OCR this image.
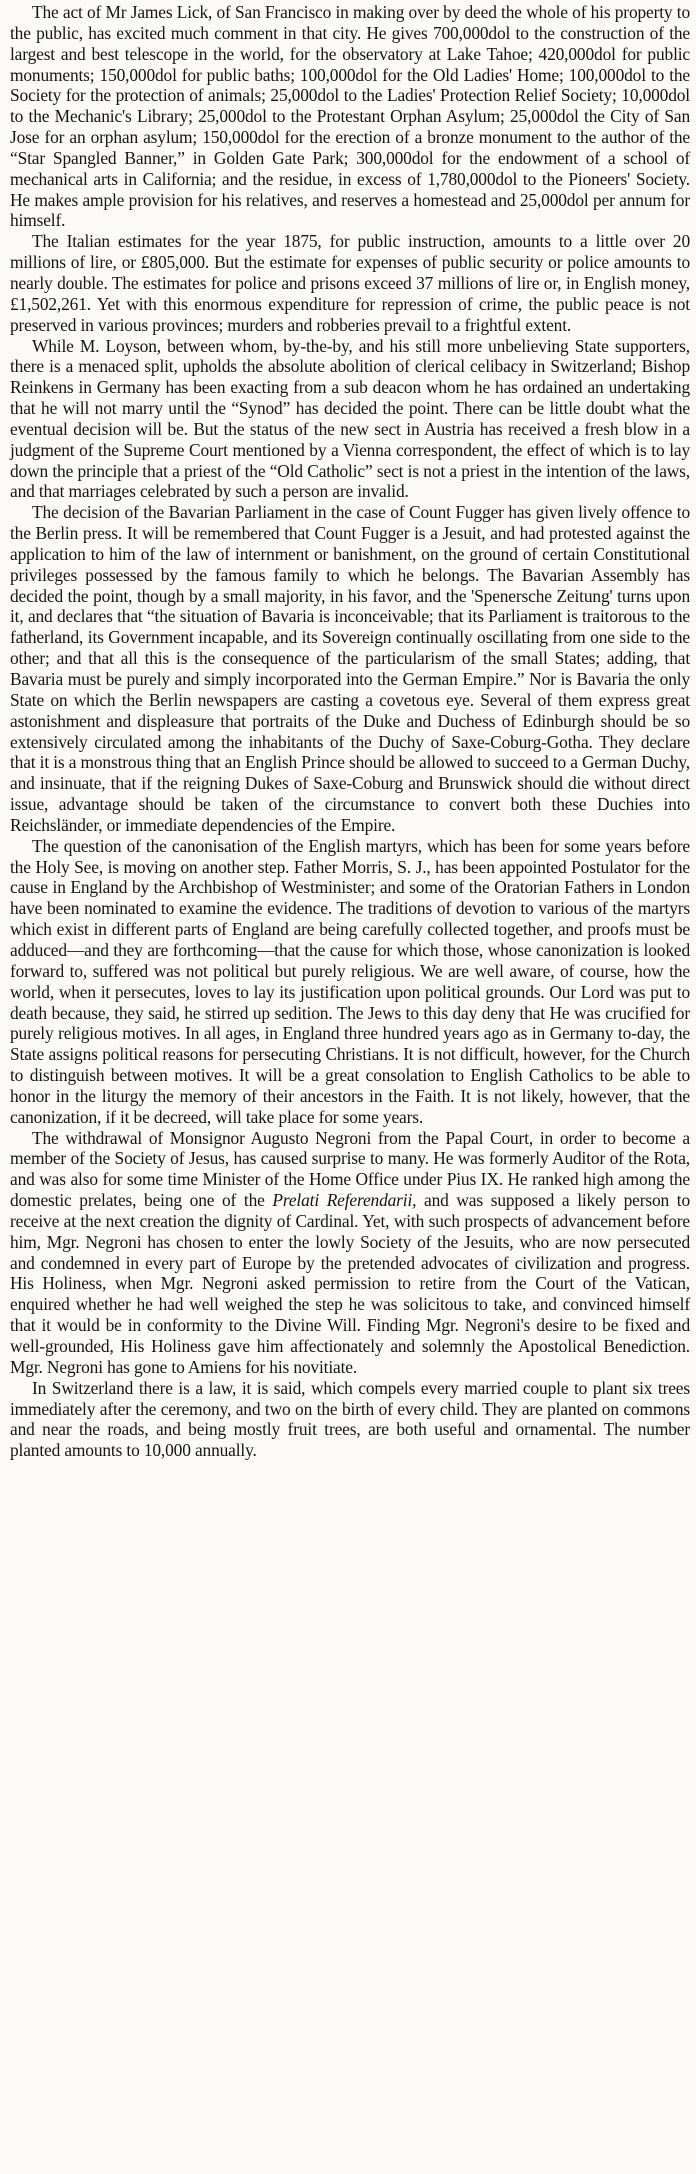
The act of Mr James Lick, of San Francisco in making over by deed the whole of his property to the public, has excited much comment in that city. He gives 700,000dol to the construction of the largest and best telescope in the world, for the observatory at Lake Tahoe; 420,000dol for public monuments; 150,000dol for public baths; 100,000dol for the Old Ladies' Home; 100,000dol to the Society for the protection of animals; 25,000dol to the Ladies' Protection Relief Society; 10,000dol to the Mechanic's Library; 25,000dol to the Protestant Orphan Asylum; 25,000dol the City of San Jose for an orphan asylum; 150,000dol for the erection of a bronze monument to the author of the “Star Spangled Banner,” in Golden Gate Park; 300,000dol for the endowment of a school of mechanical arts in California; and the residue, in excess of 1,780,000dol to the Pioneers' Society. He makes ample provision for his relatives, and reserves a homestead and 25,000dol per annum for himself.

The Italian estimates for the year 1875, for public instruction, amounts to a little over 20 millions of lire, or £805,000. But the estimate for expenses of public security or police amounts to nearly double. The estimates for police and prisons exceed 37 millions of lire or, in English money, £1,502,261. Yet with this enormous expenditure for repression of crime, the public peace is not preserved in various provinces; murders and robberies prevail to a frightful extent.

While M. Loyson, between whom, by-the-by, and his still more unbelieving State supporters, there is a menaced split, upholds the absolute abolition of clerical celibacy in Switzerland; Bishop Reinkens in Germany has been exacting from a sub deacon whom he has ordained an undertaking that he will not marry until the “Synod” has decided the point. There can be little doubt what the eventual decision will be. But the status of the new sect in Austria has received a fresh blow in a judgment of the Supreme Court mentioned by a Vienna correspondent, the effect of which is to lay down the principle that a priest of the “Old Catholic” sect is not a priest in the intention of the laws, and that marriages celebrated by such a person are invalid.

The decision of the Bavarian Parliament in the case of Count Fugger has given lively offence to the Berlin press. It will be remembered that Count Fugger is a Jesuit, and had protested against the application to him of the law of internment or banishment, on the ground of certain Constitutional privileges possessed by the famous family to which he belongs. The Bavarian Assembly has decided the point, though by a small majority, in his favor, and the 'Spenersche Zeitung' turns upon it, and declares that “the situation of Bavaria is inconceivable; that its Parliament is traitorous to the fatherland, its Government incapable, and its Sovereign continually oscillating from one side to the other; and that all this is the consequence of the particularism of the small States; adding, that Bavaria must be purely and simply incorporated into the German Empire.” Nor is Bavaria the only State on which the Berlin newspapers are casting a covetous eye. Several of them express great astonishment and displeasure that portraits of the Duke and Duchess of Edinburgh should be so extensively circulated among the inhabitants of the Duchy of Saxe-Coburg-Gotha. They declare that it is a monstrous thing that an English Prince should be allowed to succeed to a German Duchy, and insinuate, that if the reigning Dukes of Saxe-Coburg and Brunswick should die without direct issue, advantage should be taken of the circumstance to convert both these Duchies into Reichsländer, or immediate dependencies of the Empire.

The question of the canonisation of the English martyrs, which has been for some years before the Holy See, is moving on another step. Father Morris, S. J., has been appointed Postulator for the cause in England by the Archbishop of Westminister; and some of the Oratorian Fathers in London have been nominated to examine the evidence. The traditions of devotion to various of the martyrs which exist in different parts of England are being carefully collected together, and proofs must be adduced—and they are forthcoming—that the cause for which those, whose canonization is looked forward to, suffered was not political but purely religious. We are well aware, of course, how the world, when it persecutes, loves to lay its justification upon political grounds. Our Lord was put to death because, they said, he stirred up sedition. The Jews to this day deny that He was crucified for purely religious motives. In all ages, in England three hundred years ago as in Germany to-day, the State assigns political reasons for persecuting Christians. It is not difficult, however, for the Church to distinguish between motives. It will be a great consolation to English Catholics to be able to honor in the liturgy the memory of their ancestors in the Faith. It is not likely, however, that the canonization, if it be decreed, will take place for some years.

The withdrawal of Monsignor Augusto Negroni from the Papal Court, in order to become a member of the Society of Jesus, has caused surprise to many. He was formerly Auditor of the Rota, and was also for some time Minister of the Home Office under Pius IX. He ranked high among the domestic prelates, being one of the Prelati Referendarii, and was supposed a likely person to receive at the next creation the dignity of Cardinal. Yet, with such prospects of advancement before him, Mgr. Negroni has chosen to enter the lowly Society of the Jesuits, who are now persecuted and condemned in every part of Europe by the pretended advocates of civilization and progress. His Holiness, when Mgr. Negroni asked permission to retire from the Court of the Vatican, enquired whether he had well weighed the step he was solicitous to take, and convinced himself that it would be in conformity to the Divine Will. Finding Mgr. Negroni's desire to be fixed and well-grounded, His Holiness gave him affectionately and solemnly the Apostolical Benediction. Mgr. Negroni has gone to Amiens for his novitiate.

In Switzerland there is a law, it is said, which compels every married couple to plant six trees immediately after the ceremony, and two on the birth of every child. They are planted on commons and near the roads, and being mostly fruit trees, are both useful and ornamental. The number planted amounts to 10,000 annually.
